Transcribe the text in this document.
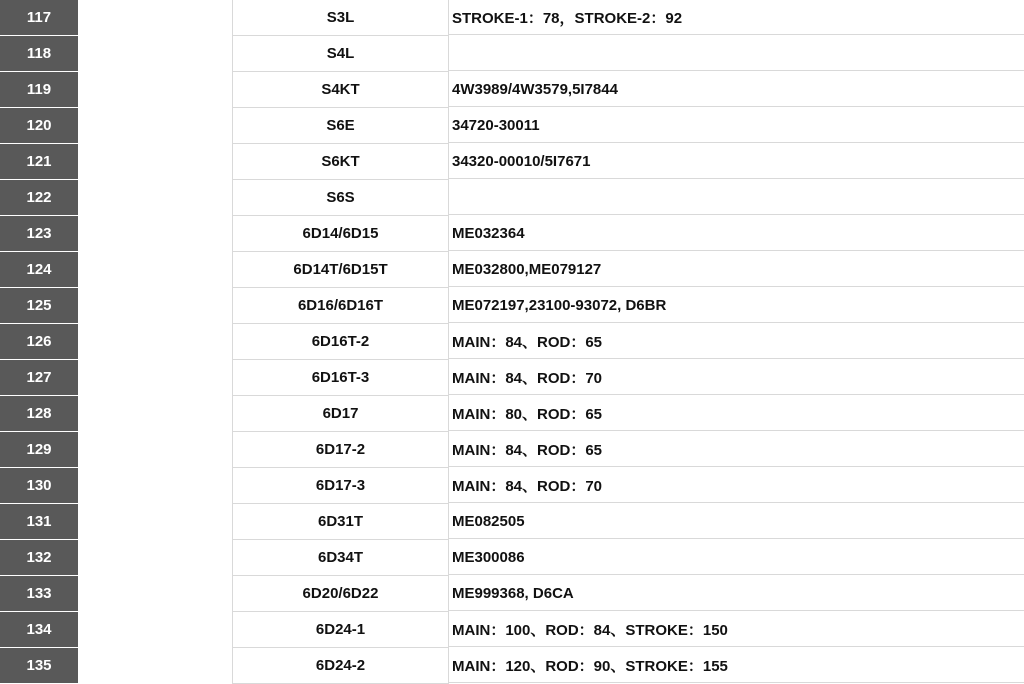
117	S3L	STROKE-1：78，STROKE-2：92
118	S4L
119	S4KT	4W3989/4W3579,5I7844
120	S6E	34720-30011
121	S6KT	34320-00010/5I7671
122	S6S
123	6D14/6D15	ME032364
124	6D14T/6D15T	ME032800,ME079127
125	6D16/6D16T	ME072197,23100-93072, D6BR
126	6D16T-2	MAIN：84、ROD：65
127	6D16T-3	MAIN：84、ROD：70
128	6D17	MAIN：80、ROD：65
129	6D17-2	MAIN：84、ROD：65
130	6D17-3	MAIN：84、ROD：70
131	6D31T	ME082505
132	6D34T	ME300086
133	6D20/6D22	ME999368, D6CA
134	6D24-1	MAIN：100、ROD：84、STROKE：150
135	6D24-2	MAIN：120、ROD：90、STROKE：155
